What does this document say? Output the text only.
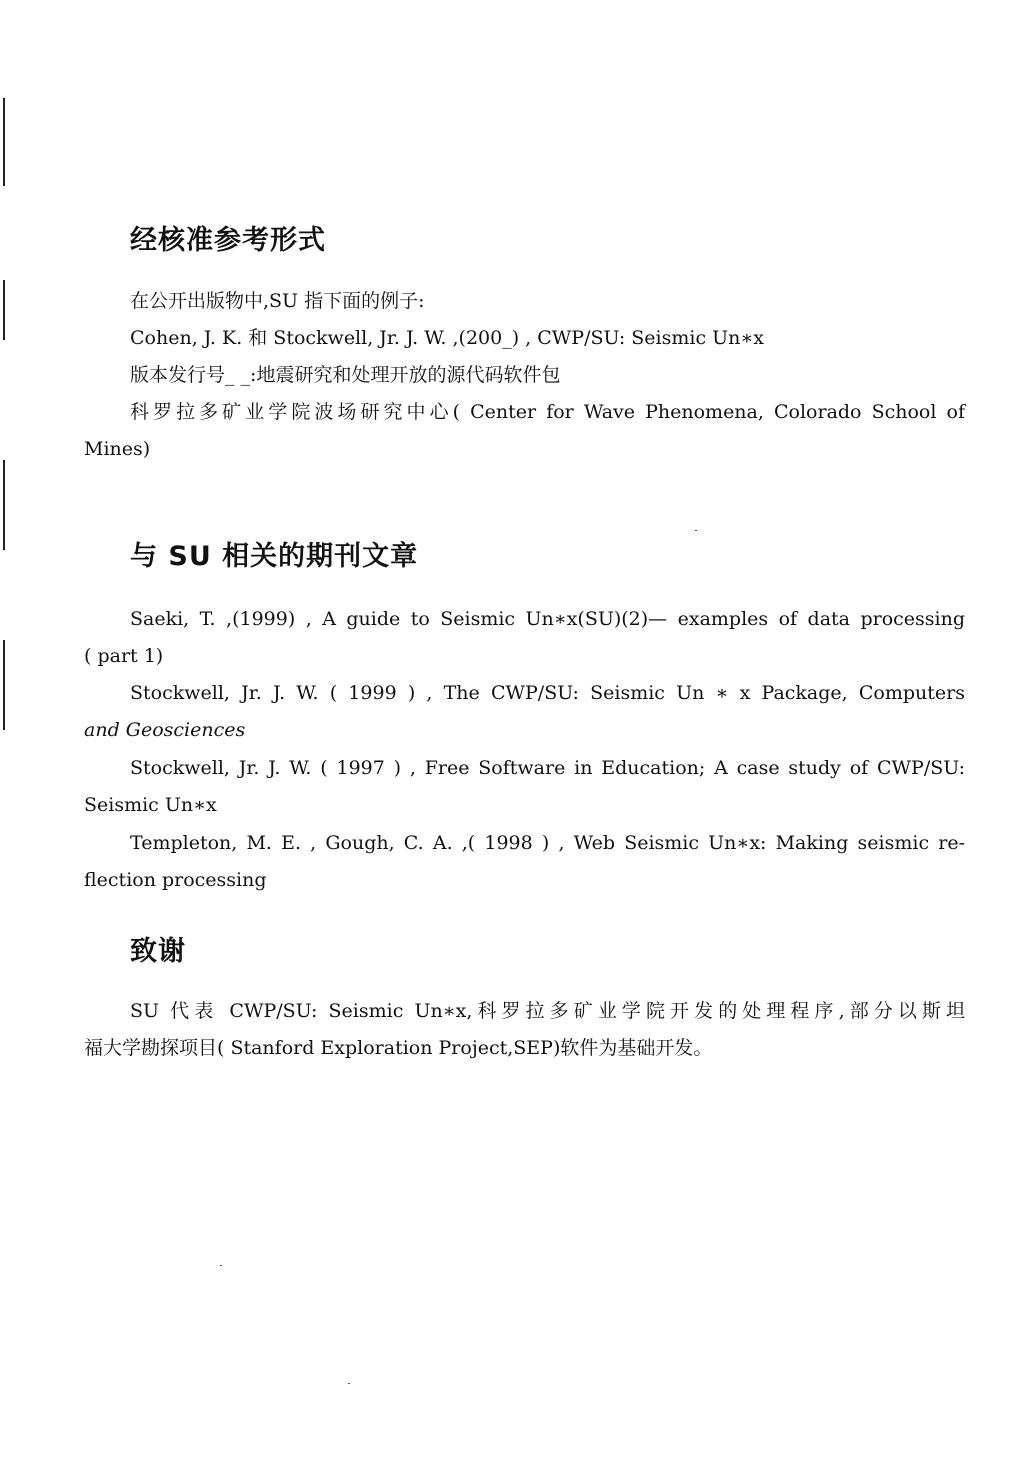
经核准参考形式
在公开出版物中,SU 指下面的例子:
Cohen, J. K. 和 Stockwell, Jr. J. W. ,(200_) , CWP/SU: Seismic Un∗x
版本发行号_ _:地震研究和处理开放的源代码软件包
科罗拉多矿业学院波场研究中心( Center for Wave Phenomena, Colorado School of
Mines)
与 SU 相关的期刊文章
Saeki, T. ,(1999) , A guide to Seismic Un∗x(SU)(2)— examples of data processing
( part 1)
Stockwell, Jr. J. W. ( 1999 ) , The CWP/SU: Seismic Un ∗ x Package, Computers
and Geosciences
Stockwell, Jr. J. W. ( 1997 ) , Free Software in Education; A case study of CWP/SU:
Seismic Un∗x
Templeton, M. E. , Gough, C. A. ,( 1998 ) , Web Seismic Un∗x: Making seismic re-
flection processing
致谢
SU 代表 CWP/SU: Seismic Un∗x,科罗拉多矿业学院开发的处理程序,部分以斯坦
福大学勘探项目( Stanford Exploration Project,SEP)软件为基础开发。
